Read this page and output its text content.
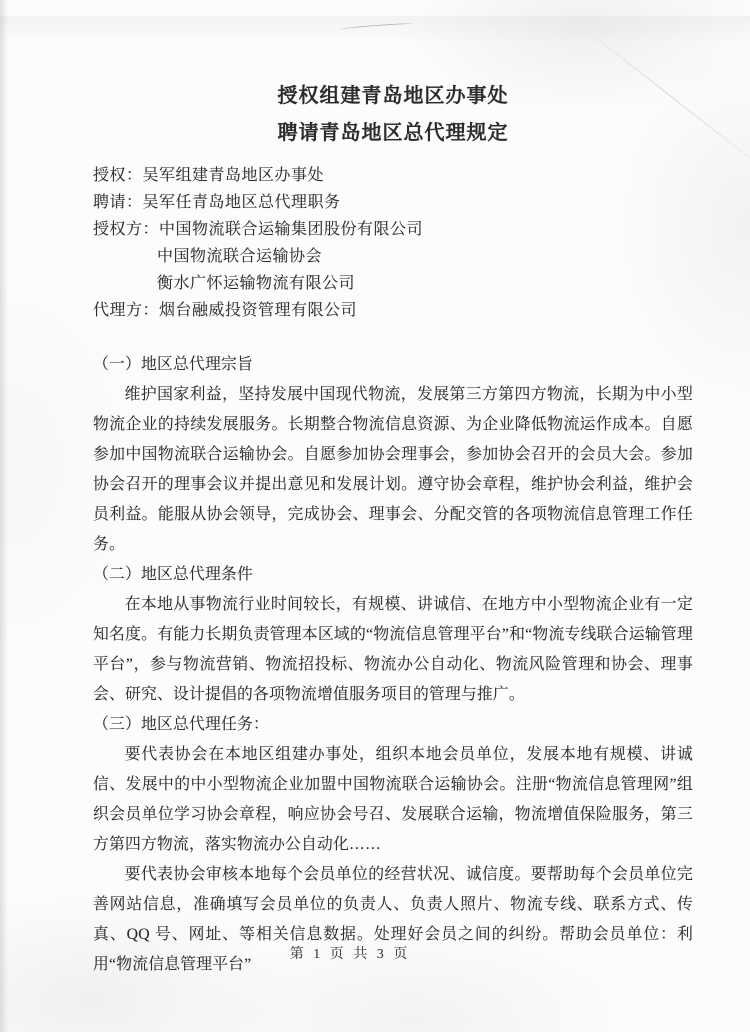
授权组建青岛地区办事处
聘请青岛地区总代理规定
授权：吴军组建青岛地区办事处
聘请：吴军任青岛地区总代理职务
授权方：中国物流联合运输集团股份有限公司
中国物流联合运输协会
衡水广怀运输物流有限公司
代理方：烟台融威投资管理有限公司
（一）地区总代理宗旨

维护国家利益，坚持发展中国现代物流，发展第三方第四方物流，长期为中小型物流企业的持续发展服务。长期整合物流信息资源、为企业降低物流运作成本。自愿参加中国物流联合运输协会。自愿参加协会理事会，参加协会召开的会员大会。参加协会召开的理事会议并提出意见和发展计划。遵守协会章程，维护协会利益，维护会员利益。能服从协会领导，完成协会、理事会、分配交管的各项物流信息管理工作任务。

（二）地区总代理条件

在本地从事物流行业时间较长，有规模、讲诚信、在地方中小型物流企业有一定知名度。有能力长期负责管理本区域的“物流信息管理平台”和“物流专线联合运输管理平台”，参与物流营销、物流招投标、物流办公自动化、物流风险管理和协会、理事会、研究、设计提倡的各项物流增值服务项目的管理与推广。

（三）地区总代理任务：

要代表协会在本地区组建办事处，组织本地会员单位，发展本地有规模、讲诚信、发展中的中小型物流企业加盟中国物流联合运输协会。注册“物流信息管理网”组织会员单位学习协会章程，响应协会号召、发展联合运输，物流增值保险服务，第三方第四方物流，落实物流办公自动化……

要代表协会审核本地每个会员单位的经营状况、诚信度。要帮助每个会员单位完善网站信息，准确填写会员单位的负责人、负责人照片、物流专线、联系方式、传真、QQ 号、网址、等相关信息数据。处理好会员之间的纠纷。帮助会员单位：利用“物流信息管理平台”

第 1 页 共 3 页
